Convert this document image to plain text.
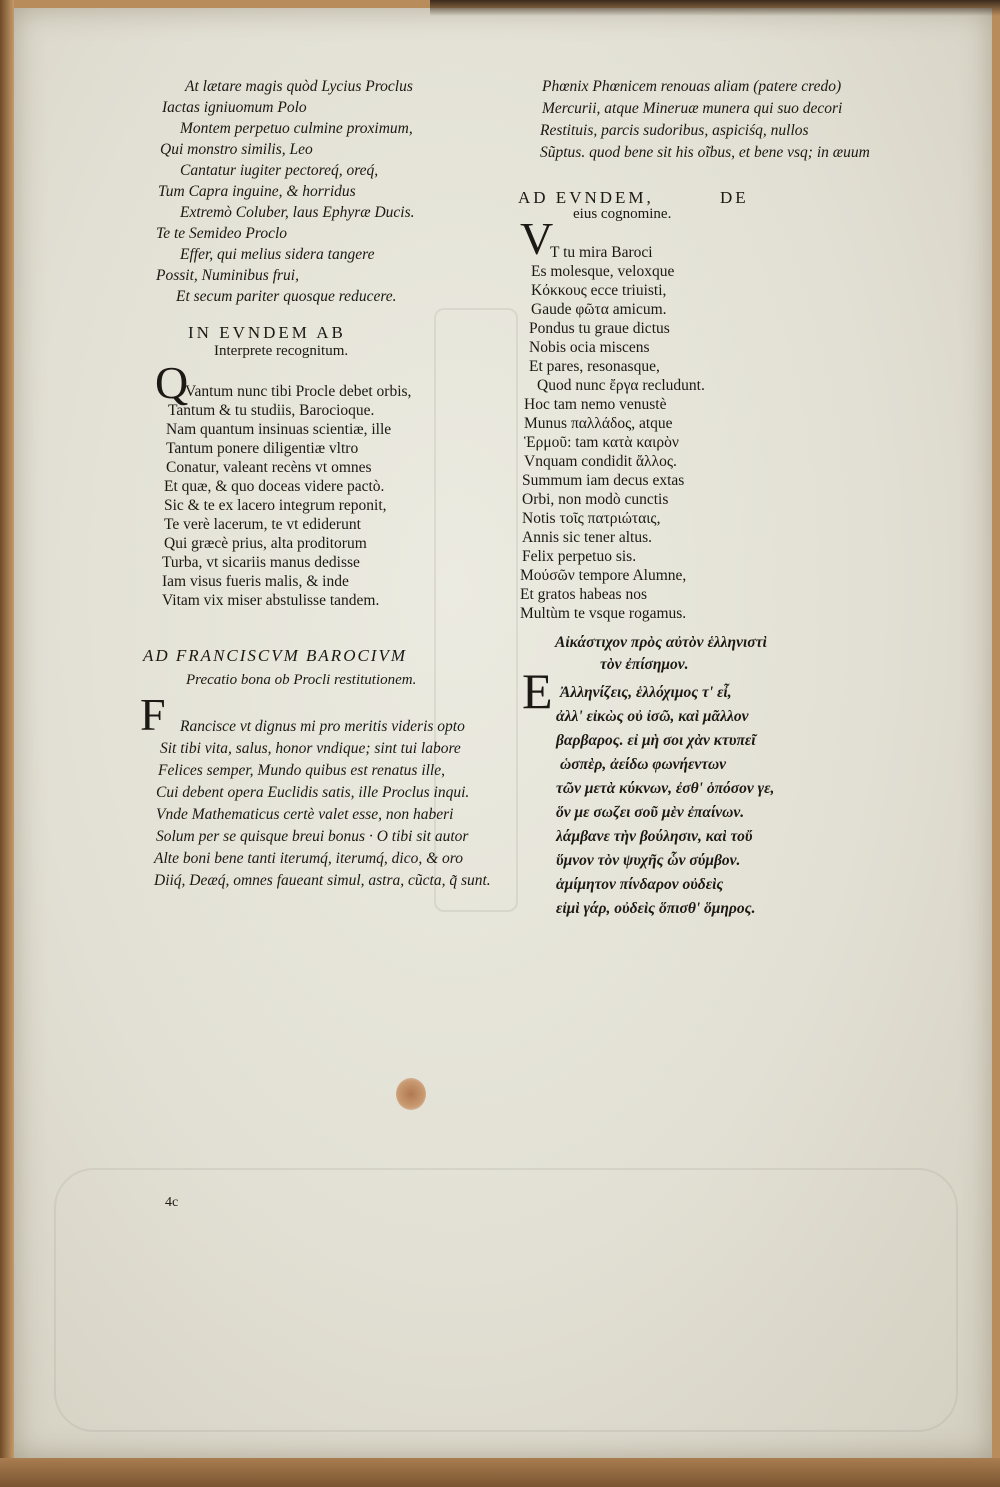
At lætare magis quòd Lycius Proclus
Iactas igniuomum Polo
Montem perpetuo culmine proximum,
Qui monstro similis, Leo
Cantatur iugiter pectoreq́, oreq́,
Tum Capra inguine, & horridus
Extremò Coluber, laus Ephyræ Ducis.
Te te Semideo Proclo
Effer, qui melius sidera tangere
Possit, Numinibus frui,
Et secum pariter quosque reducere.
IN EVNDEM AB
Interprete recognitum.
Q
Vantum nunc tibi Procle debet orbis,
Tantum & tu studiis, Barocioque.
Nam quantum insinuas scientiæ, ille
Tantum ponere diligentiæ vltro
Conatur, valeant recèns vt omnes
Et quæ, & quo doceas videre pactò.
Sic & te ex lacero integrum reponit,
Te verè lacerum, te vt ediderunt
Qui græcè prius, alta proditorum
Turba, vt sicariis manus dedisse
Iam visus fueris malis, & inde
Vitam vix miser abstulisse tandem.
AD FRANCISCVM BAROCIVM
Precatio bona ob Procli restitutionem.
F Rancisce vt dignus mi pro meritis videris opto
Sit tibi vita, salus, honor vndique; sint tui labore
Felices semper, Mundo quibus est renatus ille,
Cui debent opera Euclidis satis, ille Proclus inqui.
Vnde Mathematicus certè valet esse, non haberi
Solum per se quisque breui bonus · O tibi sit autor
Alte boni bene tanti iterumq́, iterumq́, dico, & oro
Diiq́, Deæq́, omnes faueant simul, astra, cũcta, q̃ sunt.
4c
Phœnix Phœnicem renouas aliam (patere credo)
Mercurii, atque Mineruæ munera qui suo decori
Restituis, parcis sudoribus, aspiciśq, nullos
Sũptus. quod bene sit his oĩbus, et bene vsq; in æuum
AD EVNDEM,	DE
eius cognomine.
V
T tu mira Baroci
Es molesque, veloxque
Κόκκους ecce triuisti,
Gaude φῶτα amicum.
Pondus tu graue dictus
Nobis ocia miscens
Et pares, resonasque,
Quod nunc ἔργα recludunt.
Hoc tam nemo venustè
Munus παλλάδος, atque
Ἑρμοῦ: tam κατὰ καιρὸν
Vnquam condidit ἄλλος.
Summum iam decus extas
Orbi, non modò cunctis
Notis τοῖς πατριώταις,
Annis sic tener altus.
Felix perpetuo sis.
Μούσῶν tempore Alumne,
Et gratos habeas nos
Multùm te vsque rogamus.
Αἰκάστιχον πρὸς αὐτὸν ἑλληνιστὶ
τὸν ἐπίσημον.
E Ἀλληνίζεις, ἑλλόχιμος τ' εἶ,
ἀλλ' εἰκὼς οὐ ἰσῶ, καὶ μᾶλλον
βαρβαρος. εἰ μὴ σοι χὰν κτυπεῖ
ὡσπὲρ, ἀείδω φωνήεντων
τῶν μετὰ κύκνων, ἐσθ' ὁπόσον γε,
ὅν με σωζει σοῦ μὲν ἐπαίνων.
λάμβανε τὴν βούλησιν, καὶ τοὔ
ὕμνον τὸν ψυχῆς ὧν σύμβον.
ἁμίμητον πίνδαρον οὐδεὶς
εἰμὶ γάρ, οὐδεὶς ὅπισθ' ὅμηρος.
